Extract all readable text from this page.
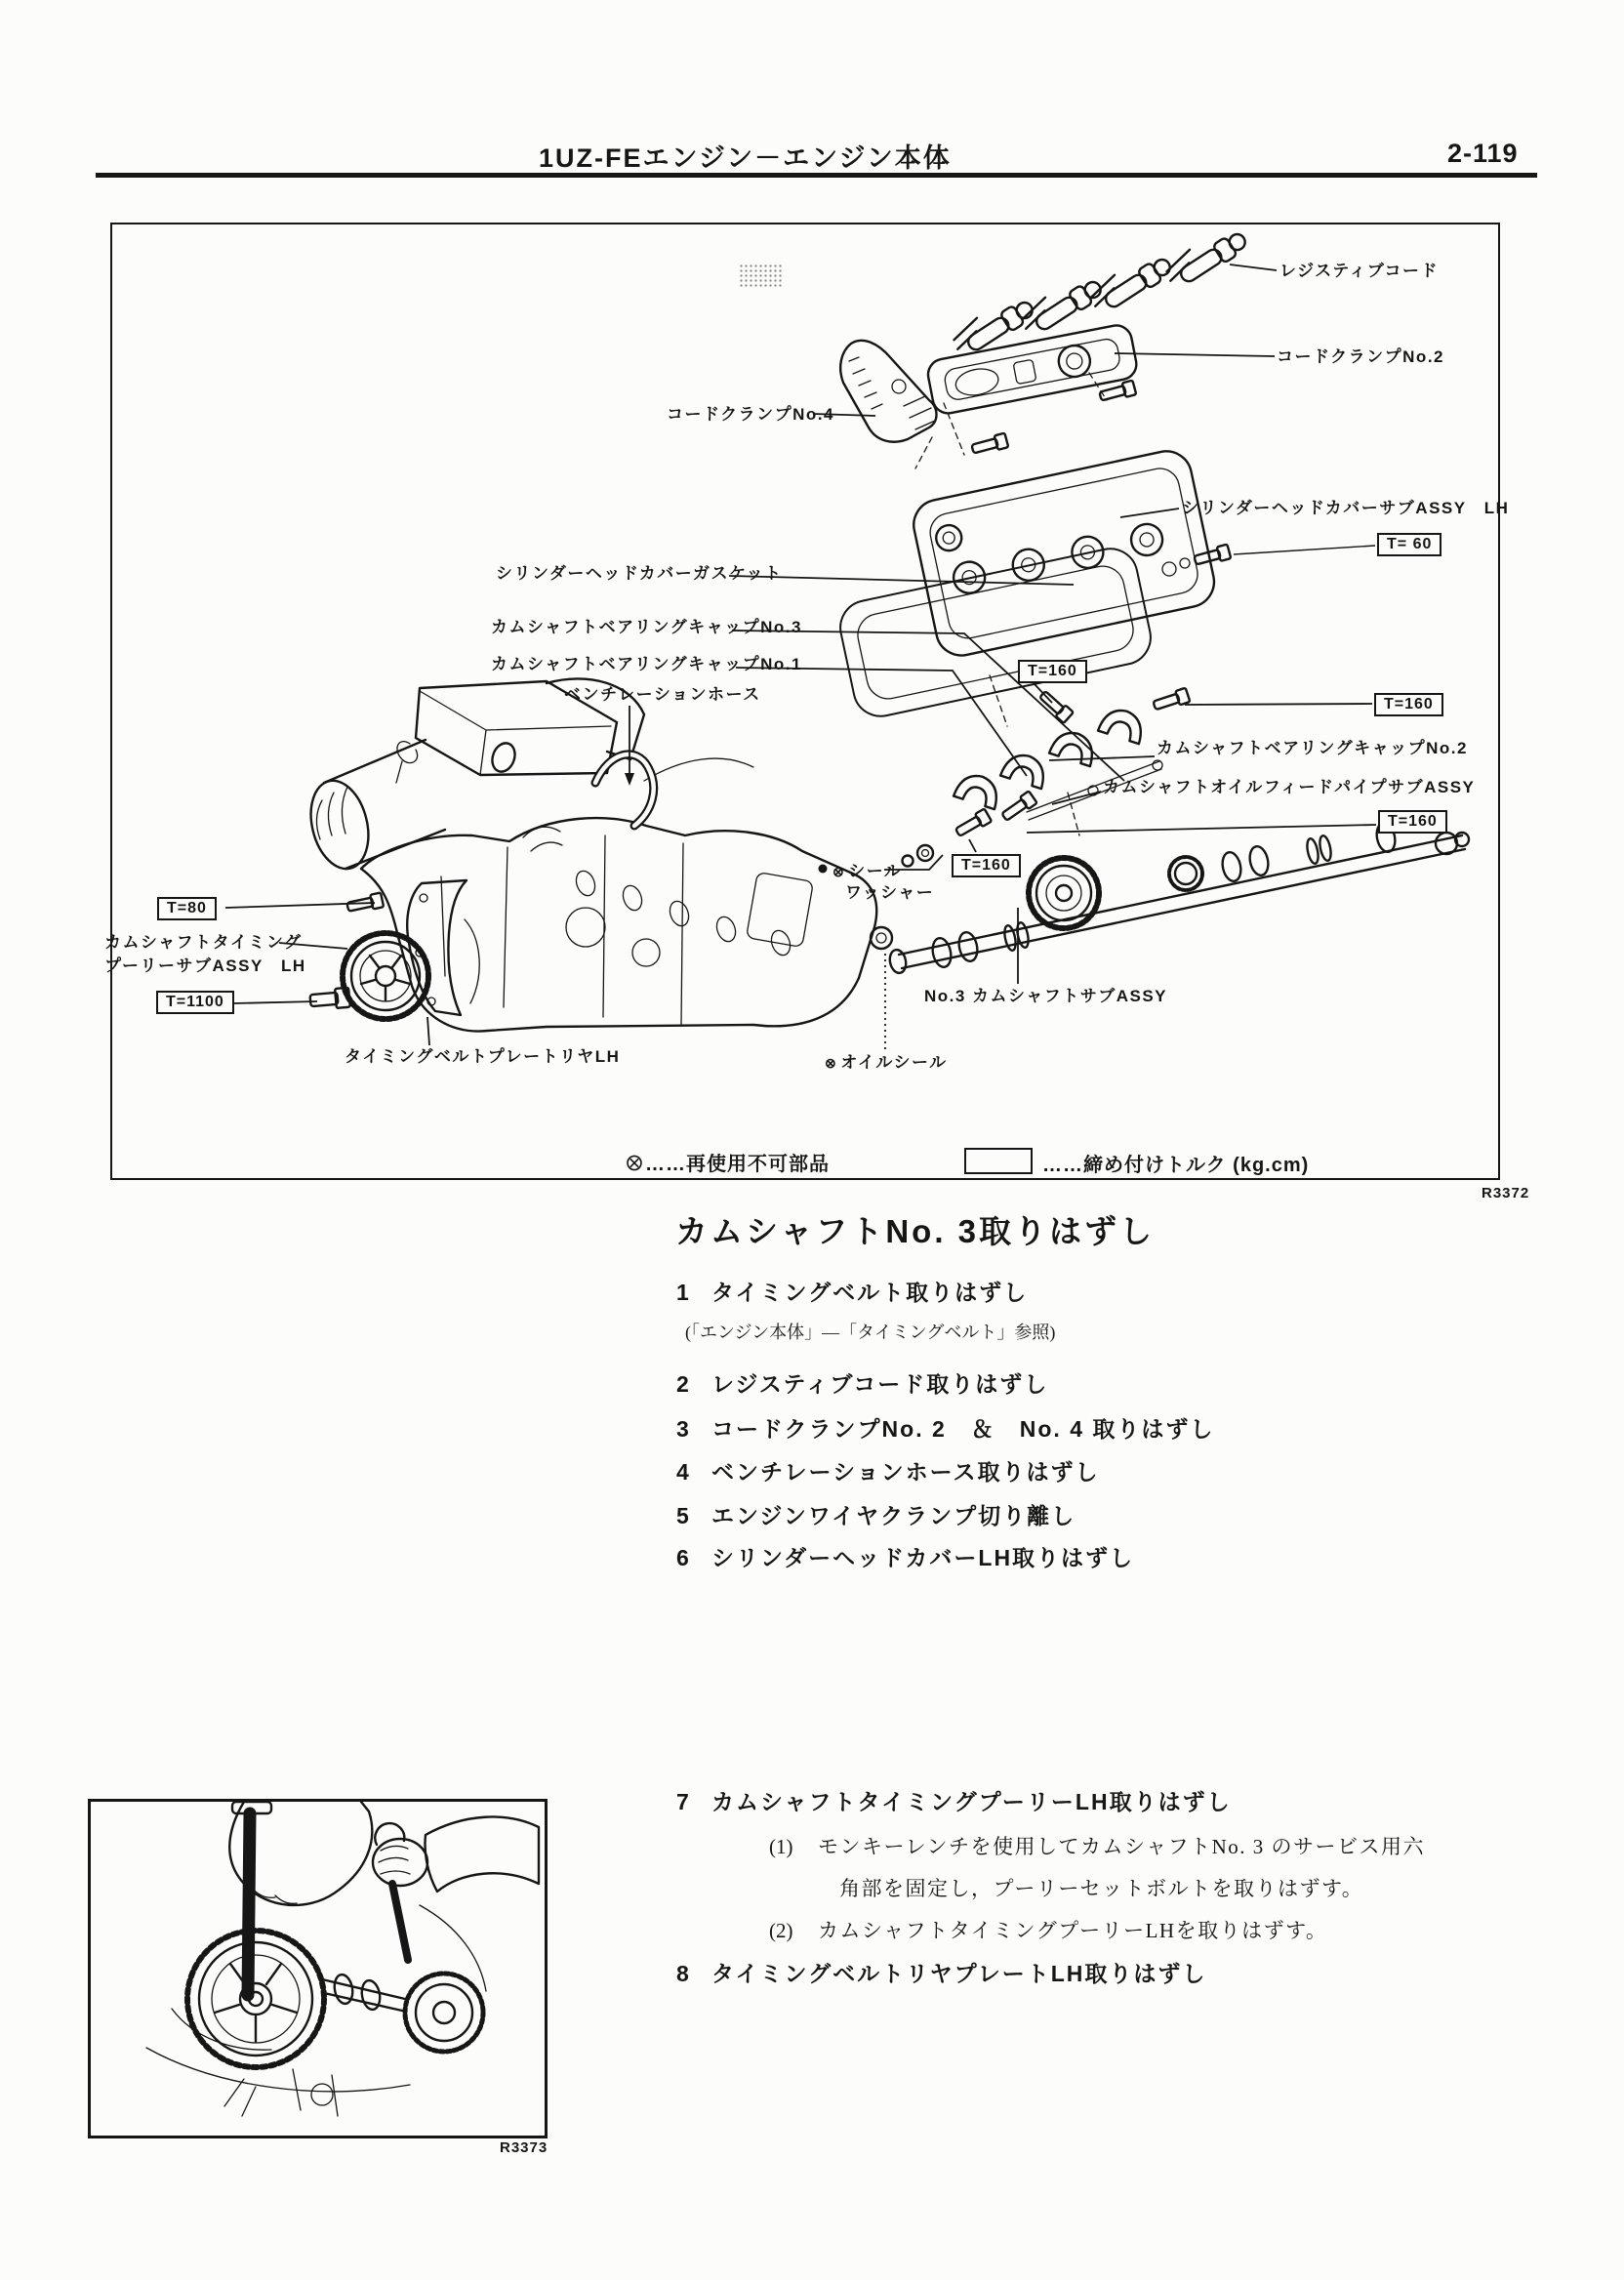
1UZ-FEエンジン－エンジン本体	2-119
レジスティブコード
コードクランプNo.2
コードクランプNo.4
シリンダーヘッドカバーサブASSY　LH
シリンダーヘッドカバーガスケット
カムシャフトベアリングキャップNo.3
カムシャフトベアリングキャップNo.1
ベンチレーションホース
カムシャフトベアリングキャップNo.2
カムシャフトオイルフィードパイプサブASSY
⊗ シール
ワッシャー
カムシャフトタイミング
プーリーサブASSY　LH
タイミングベルトプレートリヤLH
No.3 カムシャフトサブASSY
⊗ オイルシール
T= 60
T=160
T=160
T=160
T=160
T=80
T=1100
⊗……再使用不可部品	……締め付けトルク (kg.cm)
R3372
カムシャフトNo. 3取りはずし
1 タイミングベルト取りはずし
(「エンジン本体」―「タイミングベルト」参照)
2 レジスティブコード取りはずし
3 コードクランプNo. 2　＆　No. 4 取りはずし
4 ベンチレーションホース取りはずし
5 エンジンワイヤクランプ切り離し
6 シリンダーヘッドカバーLH取りはずし
7 カムシャフトタイミングプーリーLH取りはずし
(1) モンキーレンチを使用してカムシャフトNo. 3 のサービス用六
角部を固定し，プーリーセットボルトを取りはずす。
(2) カムシャフトタイミングプーリーLHを取りはずす。
8 タイミングベルトリヤプレートLH取りはずし
R3373
